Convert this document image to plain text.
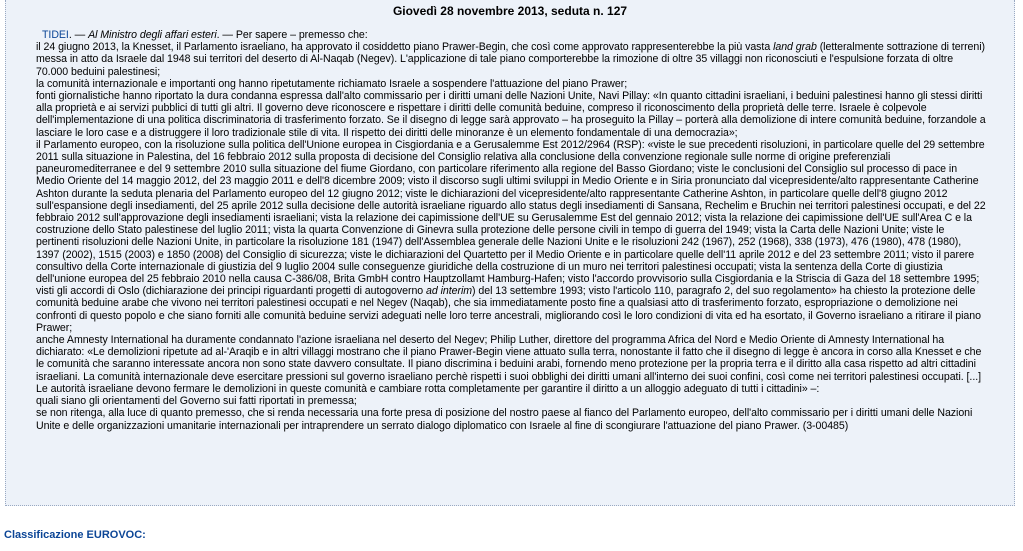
Giovedì 28 novembre 2013, seduta n. 127

TIDEI. — Al Ministro degli affari esteri. — Per sapere – premesso che:

il 24 giugno 2013, la Knesset, il Parlamento israeliano, ha approvato il cosiddetto piano Prawer-Begin, che così come approvato rappresenterebbe la più vasta land grab (letteralmente sottrazione di terreni) messa in atto da Israele dal 1948 sui territori del deserto di Al-Naqab (Negev). L'applicazione di tale piano comporterebbe la rimozione di oltre 35 villaggi non riconosciuti e l'espulsione forzata di oltre 70.000 beduini palestinesi;

la comunità internazionale e importanti ong hanno ripetutamente richiamato Israele a sospendere l'attuazione del piano Prawer;

fonti giornalistiche hanno riportato la dura condanna espressa dall'alto commissario per i diritti umani delle Nazioni Unite, Navi Pillay: «In quanto cittadini israeliani, i beduini palestinesi hanno gli stessi diritti alla proprietà e ai servizi pubblici di tutti gli altri. Il governo deve riconoscere e rispettare i diritti delle comunità beduine, compreso il riconoscimento della proprietà delle terre. Israele è colpevole dell'implementazione di una politica discriminatoria di trasferimento forzato. Se il disegno di legge sarà approvato – ha proseguito la Pillay – porterà alla demolizione di intere comunità beduine, forzandole a lasciare le loro case e a distruggere il loro tradizionale stile di vita. Il rispetto dei diritti delle minoranze è un elemento fondamentale di una democrazia»;

il Parlamento europeo, con la risoluzione sulla politica dell'Unione europea in Cisgiordania e a Gerusalemme Est 2012/2964 (RSP): «viste le sue precedenti risoluzioni, in particolare quelle del 29 settembre 2011 sulla situazione in Palestina, del 16 febbraio 2012 sulla proposta di decisione del Consiglio relativa alla conclusione della convenzione regionale sulle norme di origine preferenziali paneuromediterranee e del 9 settembre 2010 sulla situazione del fiume Giordano, con particolare riferimento alla regione del Basso Giordano; viste le conclusioni del Consiglio sul processo di pace in Medio Oriente del 14 maggio 2012, del 23 maggio 2011 e dell'8 dicembre 2009; visto il discorso sugli ultimi sviluppi in Medio Oriente e in Siria pronunciato dal vicepresidente/alto rappresentante Catherine Ashton durante la seduta plenaria del Parlamento europeo del 12 giugno 2012; viste le dichiarazioni del vicepresidente/alto rappresentante Catherine Ashton, in particolare quelle dell'8 giugno 2012 sull'espansione degli insediamenti, del 25 aprile 2012 sulla decisione delle autorità israeliane riguardo allo status degli insediamenti di Sansana, Rechelim e Bruchin nei territori palestinesi occupati, e del 22 febbraio 2012 sull'approvazione degli insediamenti israeliani; vista la relazione dei capimissione dell'UE su Gerusalemme Est del gennaio 2012; vista la relazione dei capimissione dell'UE sull'Area C e la costruzione dello Stato palestinese del luglio 2011; vista la quarta Convenzione di Ginevra sulla protezione delle persone civili in tempo di guerra del 1949; vista la Carta delle Nazioni Unite; viste le pertinenti risoluzioni delle Nazioni Unite, in particolare la risoluzione 181 (1947) dell'Assemblea generale delle Nazioni Unite e le risoluzioni 242 (1967), 252 (1968), 338 (1973), 476 (1980), 478 (1980), 1397 (2002), 1515 (2003) e 1850 (2008) del Consiglio di sicurezza; viste le dichiarazioni del Quartetto per il Medio Oriente e in particolare quelle dell'11 aprile 2012 e del 23 settembre 2011; visto il parere consultivo della Corte internazionale di giustizia del 9 luglio 2004 sulle conseguenze giuridiche della costruzione di un muro nei territori palestinesi occupati; vista la sentenza della Corte di giustizia dell'unione europea del 25 febbraio 2010 nella causa C-386/08, Brita GmbH contro Hauptzollamt Hamburg-Hafen; visto l'accordo provvisorio sulla Cisgiordania e la Striscia di Gaza del 18 settembre 1995; visti gli accordi di Oslo (dichiarazione dei principi riguardanti progetti di autogoverno ad interim) del 13 settembre 1993; visto l'articolo 110, paragrafo 2, del suo regolamento» ha chiesto la protezione delle comunità beduine arabe che vivono nei territori palestinesi occupati e nel Negev (Naqab), che sia immediatamente posto fine a qualsiasi atto di trasferimento forzato, espropriazione o demolizione nei confronti di questo popolo e che siano forniti alle comunità beduine servizi adeguati nelle loro terre ancestrali, migliorando così le loro condizioni di vita ed ha esortato, il Governo israeliano a ritirare il piano Prawer;

anche Amnesty International ha duramente condannato l'azione israeliana nel deserto del Negev; Philip Luther, direttore del programma Africa del Nord e Medio Oriente di Amnesty International ha dichiarato: «Le demolizioni ripetute ad al-'Araqib e in altri villaggi mostrano che il piano Prawer-Begin viene attuato sulla terra, nonostante il fatto che il disegno di legge è ancora in corso alla Knesset e che le comunità che saranno interessate ancora non sono state davvero consultate. Il piano discrimina i beduini arabi, fornendo meno protezione per la propria terra e il diritto alla casa rispetto ad altri cittadini israeliani. La comunità internazionale deve esercitare pressioni sul governo israeliano perchè rispetti i suoi obblighi dei diritti umani all'interno dei suoi confini, così come nei territori palestinesi occupati. [...] Le autorità israeliane devono fermare le demolizioni in queste comunità e cambiare rotta completamente per garantire il diritto a un alloggio adeguato di tutti i cittadini» –:

quali siano gli orientamenti del Governo sui fatti riportati in premessa;

se non ritenga, alla luce di quanto premesso, che si renda necessaria una forte presa di posizione del nostro paese al fianco del Parlamento europeo, dell'alto commissario per i diritti umani delle Nazioni Unite e delle organizzazioni umanitarie internazionali per intraprendere un serrato dialogo diplomatico con Israele al fine di scongiurare l'attuazione del piano Prawer. (3-00485)

Classificazione EUROVOC:
